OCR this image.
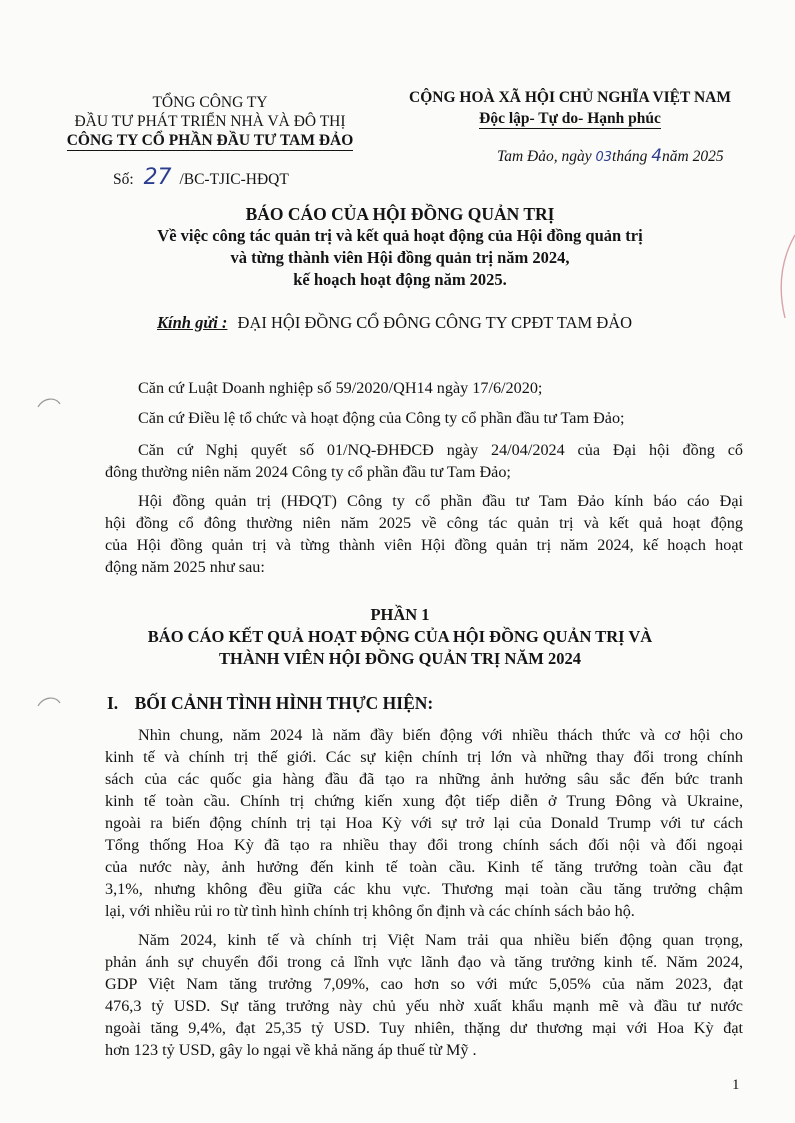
TỔNG CÔNG TY
ĐẦU TƯ PHÁT TRIỂN NHÀ VÀ ĐÔ THỊ
CÔNG TY CỔ PHẦN ĐẦU TƯ TAM ĐẢO
CỘNG HOÀ XÃ HỘI CHỦ NGHĨA VIỆT NAM
Độc lập- Tự do- Hạnh phúc
Tam Đảo, ngày 03tháng 4năm 2025
Số: 27 /BC-TJIC-HĐQT
BÁO CÁO CỦA HỘI ĐỒNG QUẢN TRỊ
Về việc công tác quản trị và kết quả hoạt động của Hội đồng quản trị
và từng thành viên Hội đồng quản trị năm 2024,
kế hoạch hoạt động năm 2025.
Kính gửi : ĐẠI HỘI ĐỒNG CỔ ĐÔNG CÔNG TY CPĐT TAM ĐẢO
Căn cứ Luật Doanh nghiệp số 59/2020/QH14 ngày 17/6/2020;
Căn cứ Điều lệ tổ chức và hoạt động của Công ty cổ phần đầu tư Tam Đảo;
Căn cứ Nghị quyết số 01/NQ-ĐHĐCĐ ngày 24/04/2024 của Đại hội đồng cổ
đông thường niên năm 2024 Công ty cổ phần đầu tư Tam Đảo;
Hội đồng quản trị (HĐQT) Công ty cổ phần đầu tư Tam Đảo kính báo cáo Đại
hội đồng cổ đông thường niên năm 2025 về công tác quản trị và kết quả hoạt động
của Hội đồng quản trị và từng thành viên Hội đồng quản trị năm 2024, kế hoạch hoạt
động năm 2025 như sau:
PHẦN 1
BÁO CÁO KẾT QUẢ HOẠT ĐỘNG CỦA HỘI ĐỒNG QUẢN TRỊ VÀ
THÀNH VIÊN HỘI ĐỒNG QUẢN TRỊ NĂM 2024
I. BỐI CẢNH TÌNH HÌNH THỰC HIỆN:
Nhìn chung, năm 2024 là năm đầy biến động với nhiều thách thức và cơ hội cho
kinh tế và chính trị thế giới. Các sự kiện chính trị lớn và những thay đổi trong chính
sách của các quốc gia hàng đầu đã tạo ra những ảnh hưởng sâu sắc đến bức tranh
kinh tế toàn cầu. Chính trị chứng kiến xung đột tiếp diễn ở Trung Đông và Ukraine,
ngoài ra biến động chính trị tại Hoa Kỳ với sự trở lại của Donald Trump với tư cách
Tổng thống Hoa Kỳ đã tạo ra nhiều thay đổi trong chính sách đối nội và đối ngoại
của nước này, ảnh hưởng đến kinh tế toàn cầu. Kinh tế tăng trưởng toàn cầu đạt
3,1%, nhưng không đều giữa các khu vực. Thương mại toàn cầu tăng trưởng chậm
lại, với nhiều rủi ro từ tình hình chính trị không ổn định và các chính sách bảo hộ.
Năm 2024, kinh tế và chính trị Việt Nam trải qua nhiều biến động quan trọng,
phản ánh sự chuyển đổi trong cả lĩnh vực lãnh đạo và tăng trưởng kinh tế. Năm 2024,
GDP Việt Nam tăng trưởng 7,09%, cao hơn so với mức 5,05% của năm 2023, đạt
476,3 tỷ USD. Sự tăng trưởng này chủ yếu nhờ xuất khẩu mạnh mẽ và đầu tư nước
ngoài tăng 9,4%, đạt 25,35 tỷ USD. Tuy nhiên, thặng dư thương mại với Hoa Kỳ đạt
hơn 123 tỷ USD, gây lo ngại về khả năng áp thuế từ Mỹ .
1
